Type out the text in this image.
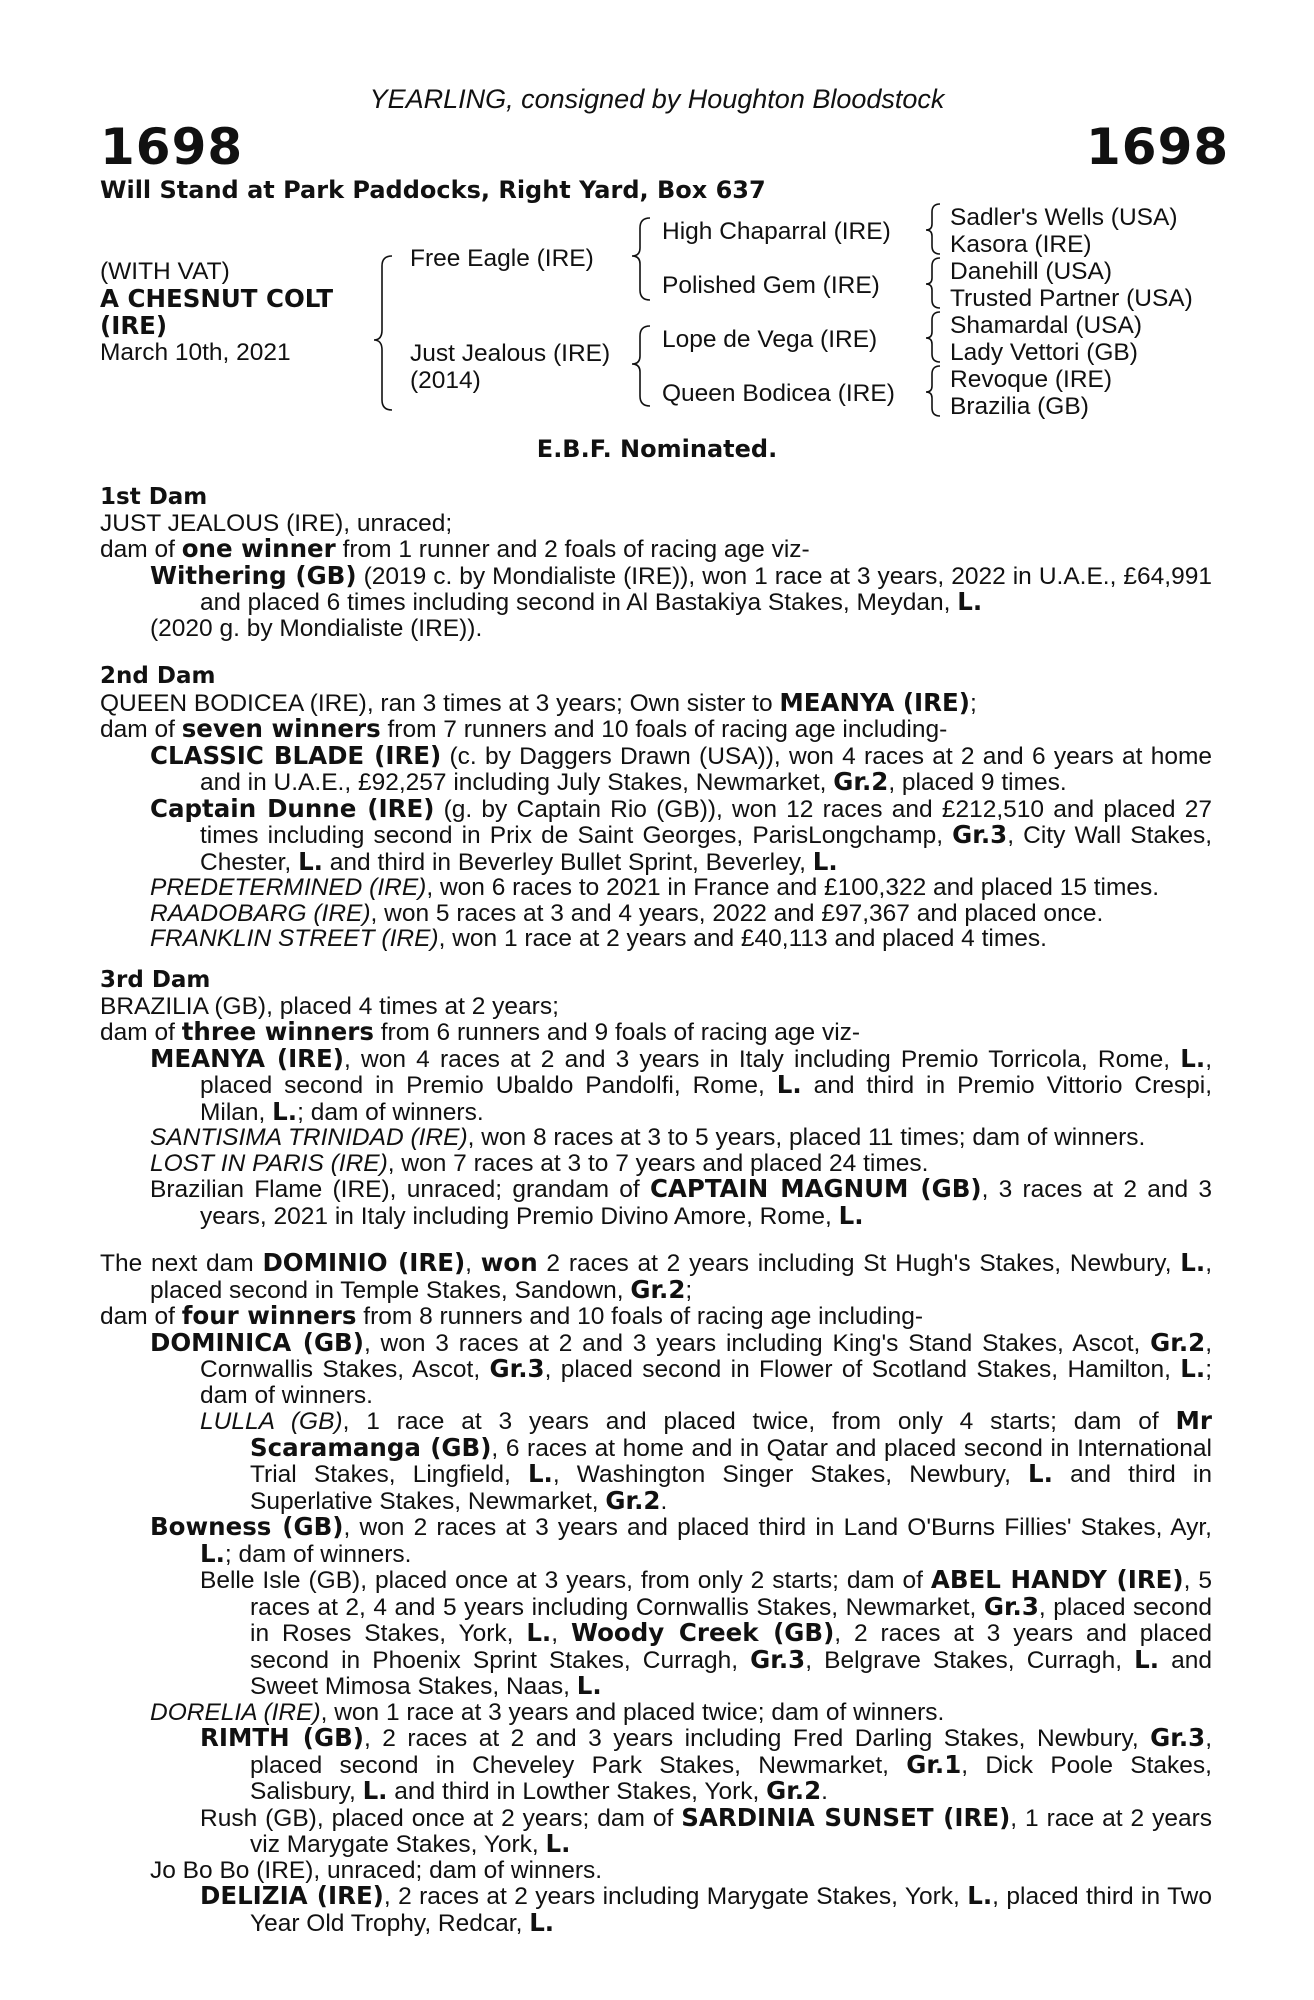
YEARLING, consigned by Houghton Bloodstock
1698	1698
Will Stand at Park Paddocks, Right Yard, Box 637
(WITH VAT)
A CHESNUT COLT
(IRE)
March 10th, 2021
Free Eagle (IRE)
Just Jealous (IRE)
(2014)
High Chaparral (IRE)
Polished Gem (IRE)
Lope de Vega (IRE)
Queen Bodicea (IRE)
Sadler's Wells (USA)
Kasora (IRE)
Danehill (USA)
Trusted Partner (USA)
Shamardal (USA)
Lady Vettori (GB)
Revoque (IRE)
Brazilia (GB)
E.B.F. Nominated.

1st Dam

JUST JEALOUS (IRE), unraced;

dam of one winner from 1 runner and 2 foals of racing age viz-

Withering (GB) (2019 c. by Mondialiste (IRE)), won 1 race at 3 years, 2022 in U.A.E., £64,991 and placed 6 times including second in Al Bastakiya Stakes, Meydan, L.

(2020 g. by Mondialiste (IRE)).

2nd Dam

QUEEN BODICEA (IRE), ran 3 times at 3 years; Own sister to MEANYA (IRE);

dam of seven winners from 7 runners and 10 foals of racing age including-

CLASSIC BLADE (IRE) (c. by Daggers Drawn (USA)), won 4 races at 2 and 6 years at home and in U.A.E., £92,257 including July Stakes, Newmarket, Gr.2, placed 9 times.

Captain Dunne (IRE) (g. by Captain Rio (GB)), won 12 races and £212,510 and placed 27 times including second in Prix de Saint Georges, ParisLongchamp, Gr.3, City Wall Stakes, Chester, L. and third in Beverley Bullet Sprint, Beverley, L.

PREDETERMINED (IRE), won 6 races to 2021 in France and £100,322 and placed 15 times.

RAADOBARG (IRE), won 5 races at 3 and 4 years, 2022 and £97,367 and placed once.

FRANKLIN STREET (IRE), won 1 race at 2 years and £40,113 and placed 4 times.

3rd Dam

BRAZILIA (GB), placed 4 times at 2 years;

dam of three winners from 6 runners and 9 foals of racing age viz-

MEANYA (IRE), won 4 races at 2 and 3 years in Italy including Premio Torricola, Rome, L., placed second in Premio Ubaldo Pandolfi, Rome, L. and third in Premio Vittorio Crespi, Milan, L.; dam of winners.

SANTISIMA TRINIDAD (IRE), won 8 races at 3 to 5 years, placed 11 times; dam of winners.

LOST IN PARIS (IRE), won 7 races at 3 to 7 years and placed 24 times.

Brazilian Flame (IRE), unraced; grandam of CAPTAIN MAGNUM (GB), 3 races at 2 and 3 years, 2021 in Italy including Premio Divino Amore, Rome, L.

The next dam DOMINIO (IRE), won 2 races at 2 years including St Hugh's Stakes, Newbury, L., placed second in Temple Stakes, Sandown, Gr.2;

dam of four winners from 8 runners and 10 foals of racing age including-

DOMINICA (GB), won 3 races at 2 and 3 years including King's Stand Stakes, Ascot, Gr.2, Cornwallis Stakes, Ascot, Gr.3, placed second in Flower of Scotland Stakes, Hamilton, L.; dam of winners.

LULLA (GB), 1 race at 3 years and placed twice, from only 4 starts; dam of Mr Scaramanga (GB), 6 races at home and in Qatar and placed second in International Trial Stakes, Lingfield, L., Washington Singer Stakes, Newbury, L. and third in Superlative Stakes, Newmarket, Gr.2.

Bowness (GB), won 2 races at 3 years and placed third in Land O'Burns Fillies' Stakes, Ayr, L.; dam of winners.

Belle Isle (GB), placed once at 3 years, from only 2 starts; dam of ABEL HANDY (IRE), 5 races at 2, 4 and 5 years including Cornwallis Stakes, Newmarket, Gr.3, placed second in Roses Stakes, York, L., Woody Creek (GB), 2 races at 3 years and placed second in Phoenix Sprint Stakes, Curragh, Gr.3, Belgrave Stakes, Curragh, L. and Sweet Mimosa Stakes, Naas, L.

DORELIA (IRE), won 1 race at 3 years and placed twice; dam of winners.

RIMTH (GB), 2 races at 2 and 3 years including Fred Darling Stakes, Newbury, Gr.3, placed second in Cheveley Park Stakes, Newmarket, Gr.1, Dick Poole Stakes, Salisbury, L. and third in Lowther Stakes, York, Gr.2.

Rush (GB), placed once at 2 years; dam of SARDINIA SUNSET (IRE), 1 race at 2 years viz Marygate Stakes, York, L.

Jo Bo Bo (IRE), unraced; dam of winners.

DELIZIA (IRE), 2 races at 2 years including Marygate Stakes, York, L., placed third in Two Year Old Trophy, Redcar, L.
